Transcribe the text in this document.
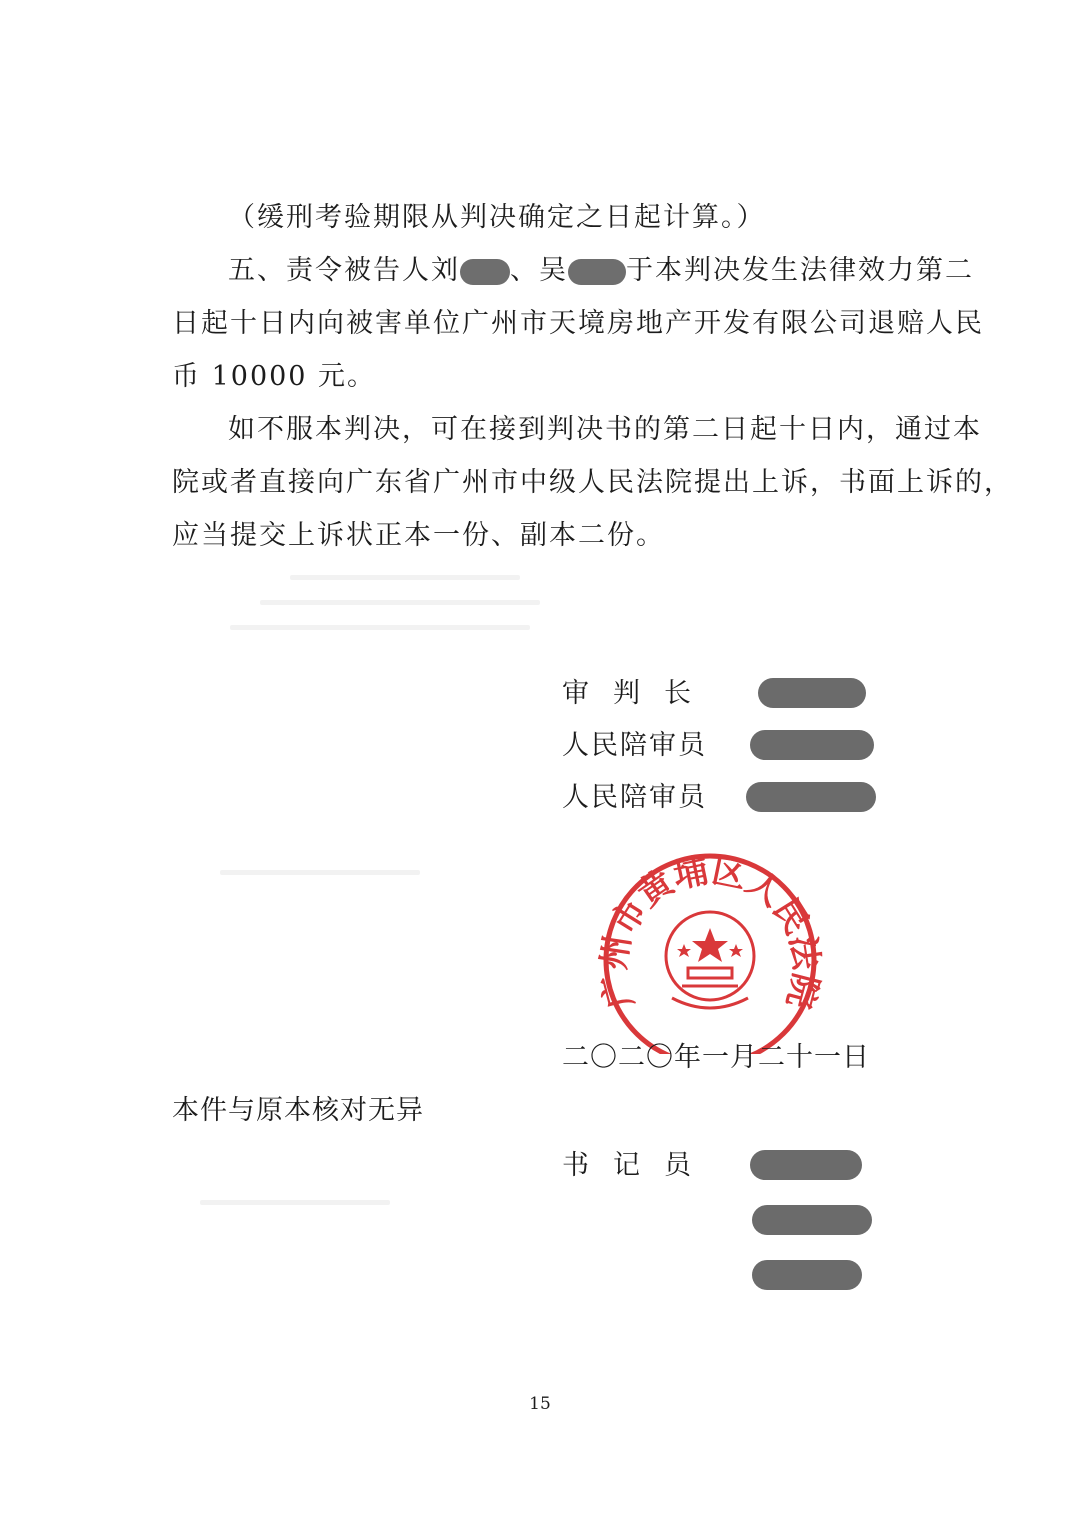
（缓刑考验期限从判决确定之日起计算。）
五、责令被告人刘 、吴 于本判决发生法律效力第二
日起十日内向被害单位广州市天境房地产开发有限公司退赔人民
币 10000 元。
如不服本判决，可在接到判决书的第二日起十日内，通过本
院或者直接向广东省广州市中级人民法院提出上诉，书面上诉的，
应当提交上诉状正本一份、副本二份。
审判长
人民陪审员
人民陪审员
广州市黄埔区人民法院
二〇二〇年一月二十一日
本件与原本核对无异
书记员
15
